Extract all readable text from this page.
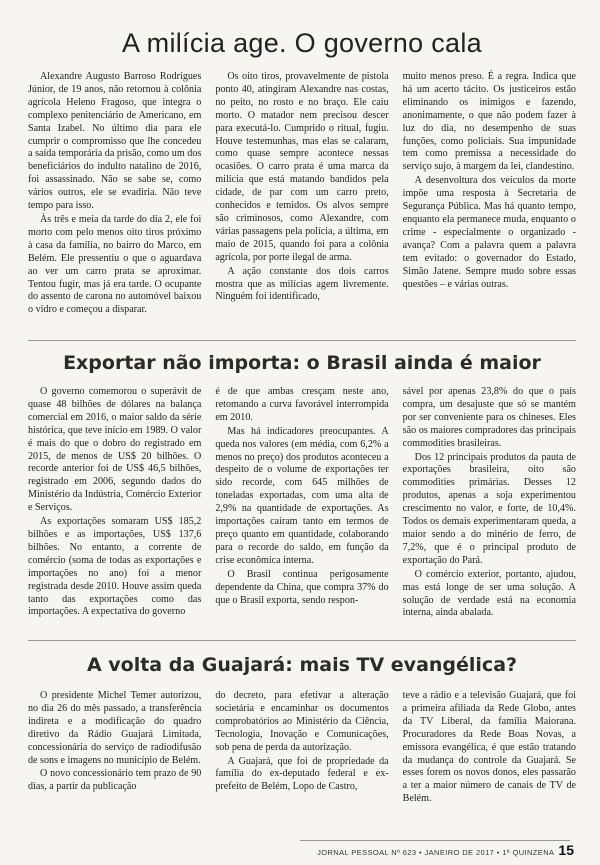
A milícia age. O governo cala

Alexandre Augusto Barroso Rodrigues Júnior, de 19 anos, não retornou à colônia agrícola Heleno Fragoso, que integra o complexo penitenciário de Americano, em Santa Izabel. No último dia para ele cumprir o compromisso que lhe concedeu a saída temporária da prisão, como um dos beneficiários do indulto natalino de 2016, foi assassinado. Não se sabe se, como vários outros, ele se evadiria. Não teve tempo para isso.

Às três e meia da tarde do dia 2, ele foi morto com pelo menos oito tiros próximo à casa da família, no bairro do Marco, em Belém. Ele pressentiu o que o aguardava ao ver um carro prata se aproximar. Tentou fugir, mas já era tarde. O ocupante do assento de carona no automóvel baixou o vidro e começou a disparar.

Os oito tiros, provavelmente de pistola ponto 40, atingiram Alexandre nas costas, no peito, no rosto e no braço. Ele caiu morto. O matador nem precisou descer para executá-lo. Cumprido o ritual, fugiu. Houve testemunhas, mas elas se calaram, como quase sempre acontece nessas ocasiões. O carro prata é uma marca da milícia que está matando bandidos pela cidade, de par com um carro preto, conhecidos e temidos. Os alvos sempre são criminosos, como Alexandre, com várias passagens pela polícia, a última, em maio de 2015, quando foi para a colônia agrícola, por porte ilegal de arma.

A ação constante dos dois carros mostra que as milícias agem livremente. Ninguém foi identificado,

muito menos preso. É a regra. Indica que há um acerto tácito. Os justiceiros estão eliminando os inimigos e fazendo, anonimamente, o que não podem fazer à luz do dia, no desempenho de suas funções, como policiais. Sua impunidade tem como premissa a necessidade do serviço sujo, à margem da lei, clandestino.

A desenvoltura dos veículos da morte impõe uma resposta à Secretaria de Segurança Pública. Mas há quanto tempo, enquanto ela permanece muda, enquanto o crime - especialmente o organizado - avança? Com a palavra quem a palavra tem evitado: o governador do Estado, Simão Jatene. Sempre mudo sobre essas questões – e várias outras.

Exportar não importa: o Brasil ainda é maior

O governo comemorou o superávit de quase 48 bilhões de dólares na balança comercial em 2016, o maior saldo da série histórica, que teve início em 1989. O valor é mais do que o dobro do registrado em 2015, de menos de US$ 20 bilhões. O recorde anterior foi de US$ 46,5 bilhões, registrado em 2006, segundo dados do Ministério da Indústria, Comércio Exterior e Serviços.

As exportações somaram US$ 185,2 bilhões e as importações, US$ 137,6 bilhões. No entanto, a corrente de comércio (soma de todas as exportações e importações no ano) foi a menor registrada desde 2010. Houve assim queda tanto das exportações como das importações. A expectativa do governo

é de que ambas cresçam neste ano, retomando a curva favorável interrompida em 2010.

Mas há indicadores preocupantes. A queda nos valores (em média, com 6,2% a menos no preço) dos produtos aconteceu a despeito de o volume de exportações ter sido recorde, com 645 milhões de toneladas exportadas, com uma alta de 2,9% na quantidade de exportações. As importações caíram tanto em termos de preço quanto em quantidade, colaborando para o recorde do saldo, em função da crise econômica interna.

O Brasil continua perigosamente dependente da China, que compra 37% do que o Brasil exporta, sendo respon-

sável por apenas 23,8% do que o país compra, um desajuste que só se mantém por ser conveniente para os chineses. Eles são os maiores compradores das principais commodities brasileiras.

Dos 12 principais produtos da pauta de exportações brasileira, oito são commodities primárias. Desses 12 produtos, apenas a soja experimentou crescimento no valor, e forte, de 10,4%. Todos os demais experimentaram queda, a maior sendo a do minério de ferro, de 7,2%, que é o principal produto de exportação do Pará.

O comércio exterior, portanto, ajudou, mas está longe de ser uma solução. A solução de verdade está na economia interna, ainda abalada.

A volta da Guajará: mais TV evangélica?

O presidente Michel Temer autorizou, no dia 26 do mês passado, a transferência indireta e a modificação do quadro diretivo da Rádio Guajará Limitada, concessionária do serviço de radiodifusão de sons e imagens no município de Belém.

O novo concessionário tem prazo de 90 dias, a partir da publicação

do decreto, para efetivar a alteração societária e encaminhar os documentos comprobatórios ao Ministério da Ciência, Tecnologia, Inovação e Comunicações, sob pena de perda da autorização.

A Guajará, que foi de propriedade da família do ex-deputado federal e ex-prefeito de Belém, Lopo de Castro,

teve a rádio e a televisão Guajará, que foi a primeira afiliada da Rede Globo, antes da TV Liberal, da família Maiorana. Procuradores da Rede Boas Novas, a emissora evangélica, é que estão tratando da mudança do controle da Guajará. Se esses forem os novos donos, eles passarão a ter a maior número de canais de TV de Belém.

JORNAL PESSOAL Nº 623 • JANEIRO DE 2017 • 1ª QUINZENA 15
